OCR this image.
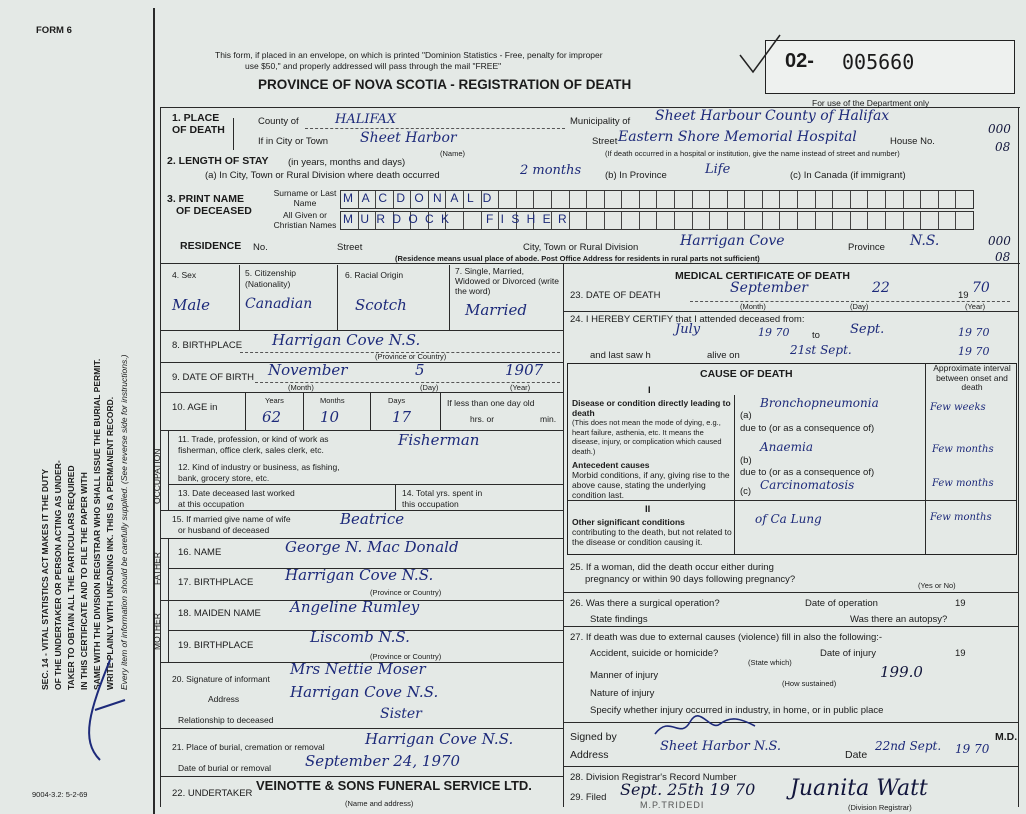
FORM 6
SEC. 14 - VITAL STATISTICS ACT MAKES IT THE DUTY OF THE UNDERTAKER OR PERSON ACTING AS UNDER- TAKER TO OBTAIN ALL THE PARTICULARS REQUIRED IN THIS CERTIFICATE AND TO FILE THE PAPER WITH SAME WITH THE DIVISION REGISTRAR WHO SHALL ISSUE THE BURIAL PERMIT. WRITE PLAINLY WITH UNFADING INK. THIS IS A PERMANENT RECORD. Every item of information should be carefully supplied. (See reverse side for instructions.)
This form, if placed in an envelope, on which is printed "Dominion Statistics - Free, penalty for improper
use $50," and properly addressed will pass through the mail "FREE"
PROVINCE OF NOVA SCOTIA - REGISTRATION OF DEATH
02- 005660
For use of the Department only
1. PLACE OF DEATH
County of	HALIFAX	Municipality of Sheet Harbour County of Halifax
If in City or Town Sheet Harbor
(Name)
Street Eastern Shore Memorial Hospital	House No.
(If death occurred in a hospital or institution, give the name instead of street and number)
000
08
2. LENGTH OF STAY (in years, months and days)
(a) In City, Town or Rural Division where death occurred	2 months	(b) In Province	Life	(c) In Canada (if immigrant)
3. PRINT NAME
OF DECEASED
Surname or Last Name	M A C D O N A L D
All Given or Christian Names M U R D O C K	F I S H E R
RESIDENCE No.	Street	City, Town or Rural Division	Harrigan Cove	Province N.S.	000
08
(Residence means usual place of abode. Post Office Address for residents in rural parts not sufficient)
4. Sex
Male
5. Citizenship (Nationality)
Canadian
6. Racial Origin
Scotch
7. Single, Married, Widowed or Divorced (write the word)
Married
8. BIRTHPLACE Harrigan Cove N.S.
(Province or Country)
9. DATE OF BIRTH November	5	1907
(Month)	(Day)	(Year)
10. AGE in
Years	Months	Days
62	10	17
If less than one day old
hrs. or	min.
OCCUPATION
11. Trade, profession, or kind of work as
fisherman, office clerk, sales clerk, etc.
Fisherman
12. Kind of industry or business, as fishing,
bank, grocery store, etc.
13. Date deceased last worked
at this occupation
14. Total yrs. spent in
this occupation
15. If married give name of wife
or husband of deceased
Beatrice
FATHER 16. NAME	George N. Mac Donald
17. BIRTHPLACE Harrigan Cove N.S.
(Province or Country)
MOTHER 18. MAIDEN NAME Angeline Rumley
19. BIRTHPLACE	Liscomb N.S.
(Province or Country)
20. Signature of informant
Mrs Nettie Moser
Address	Harrigan Cove N.S.
Relationship to deceased	Sister
21. Place of burial, cremation or removal	Harrigan Cove N.S.
Date of burial or removal September 24, 1970
22. UNDERTAKER
VEINOTTE & SONS FUNERAL SERVICE LTD.
(Name and address)
9004-3.2: 5-2-69
MEDICAL CERTIFICATE OF DEATH
23. DATE OF DEATH	September	22	19 70
(Month)	(Day)	(Year)
24. I HEREBY CERTIFY that I attended deceased from:
July	19 70 to Sept.	19 70
and last saw h	alive on	21st Sept.	19 70
CAUSE OF DEATH	Approximate interval between onset and death
I
Disease or condition directly leading to death
(This does not mean the mode of dying, e.g., heart failure, asthenia, etc. It means the disease, injury, or complication which caused death.)
(a)
Bronchopneumonia	Few weeks
due to (or as a consequence of)
Antecedent causes
Morbid conditions, if any, giving rise to the above cause, stating the underlying condition last.
(b)
Anaemia	Few months
due to (or as a consequence of)
(c) Carcinomatosis	Few months
II
Other significant conditions
contributing to the death, but not related to the disease or condition causing it.
of Ca Lung	Few months
25. If a woman, did the death occur either during
pregnancy or within 90 days following pregnancy?
(Yes or No)
26. Was there a surgical operation?	Date of operation	19
State findings	Was there an autopsy?
27. If death was due to external causes (violence) fill in also the following:-
Accident, suicide or homicide?	Date of injury	19
(State which)
Manner of injury	199.0
(How sustained)
Nature of injury
Specify whether injury occurred in industry, in home, or in public place
Signed by	M.D.
Address
Sheet Harbor N.S.
Date
22nd Sept. 19 70
28. Division Registrar's Record Number
29. Filed Sept. 25th 19 70 Juanita Watt
(Division Registrar)
M.P.TRIDEDI
